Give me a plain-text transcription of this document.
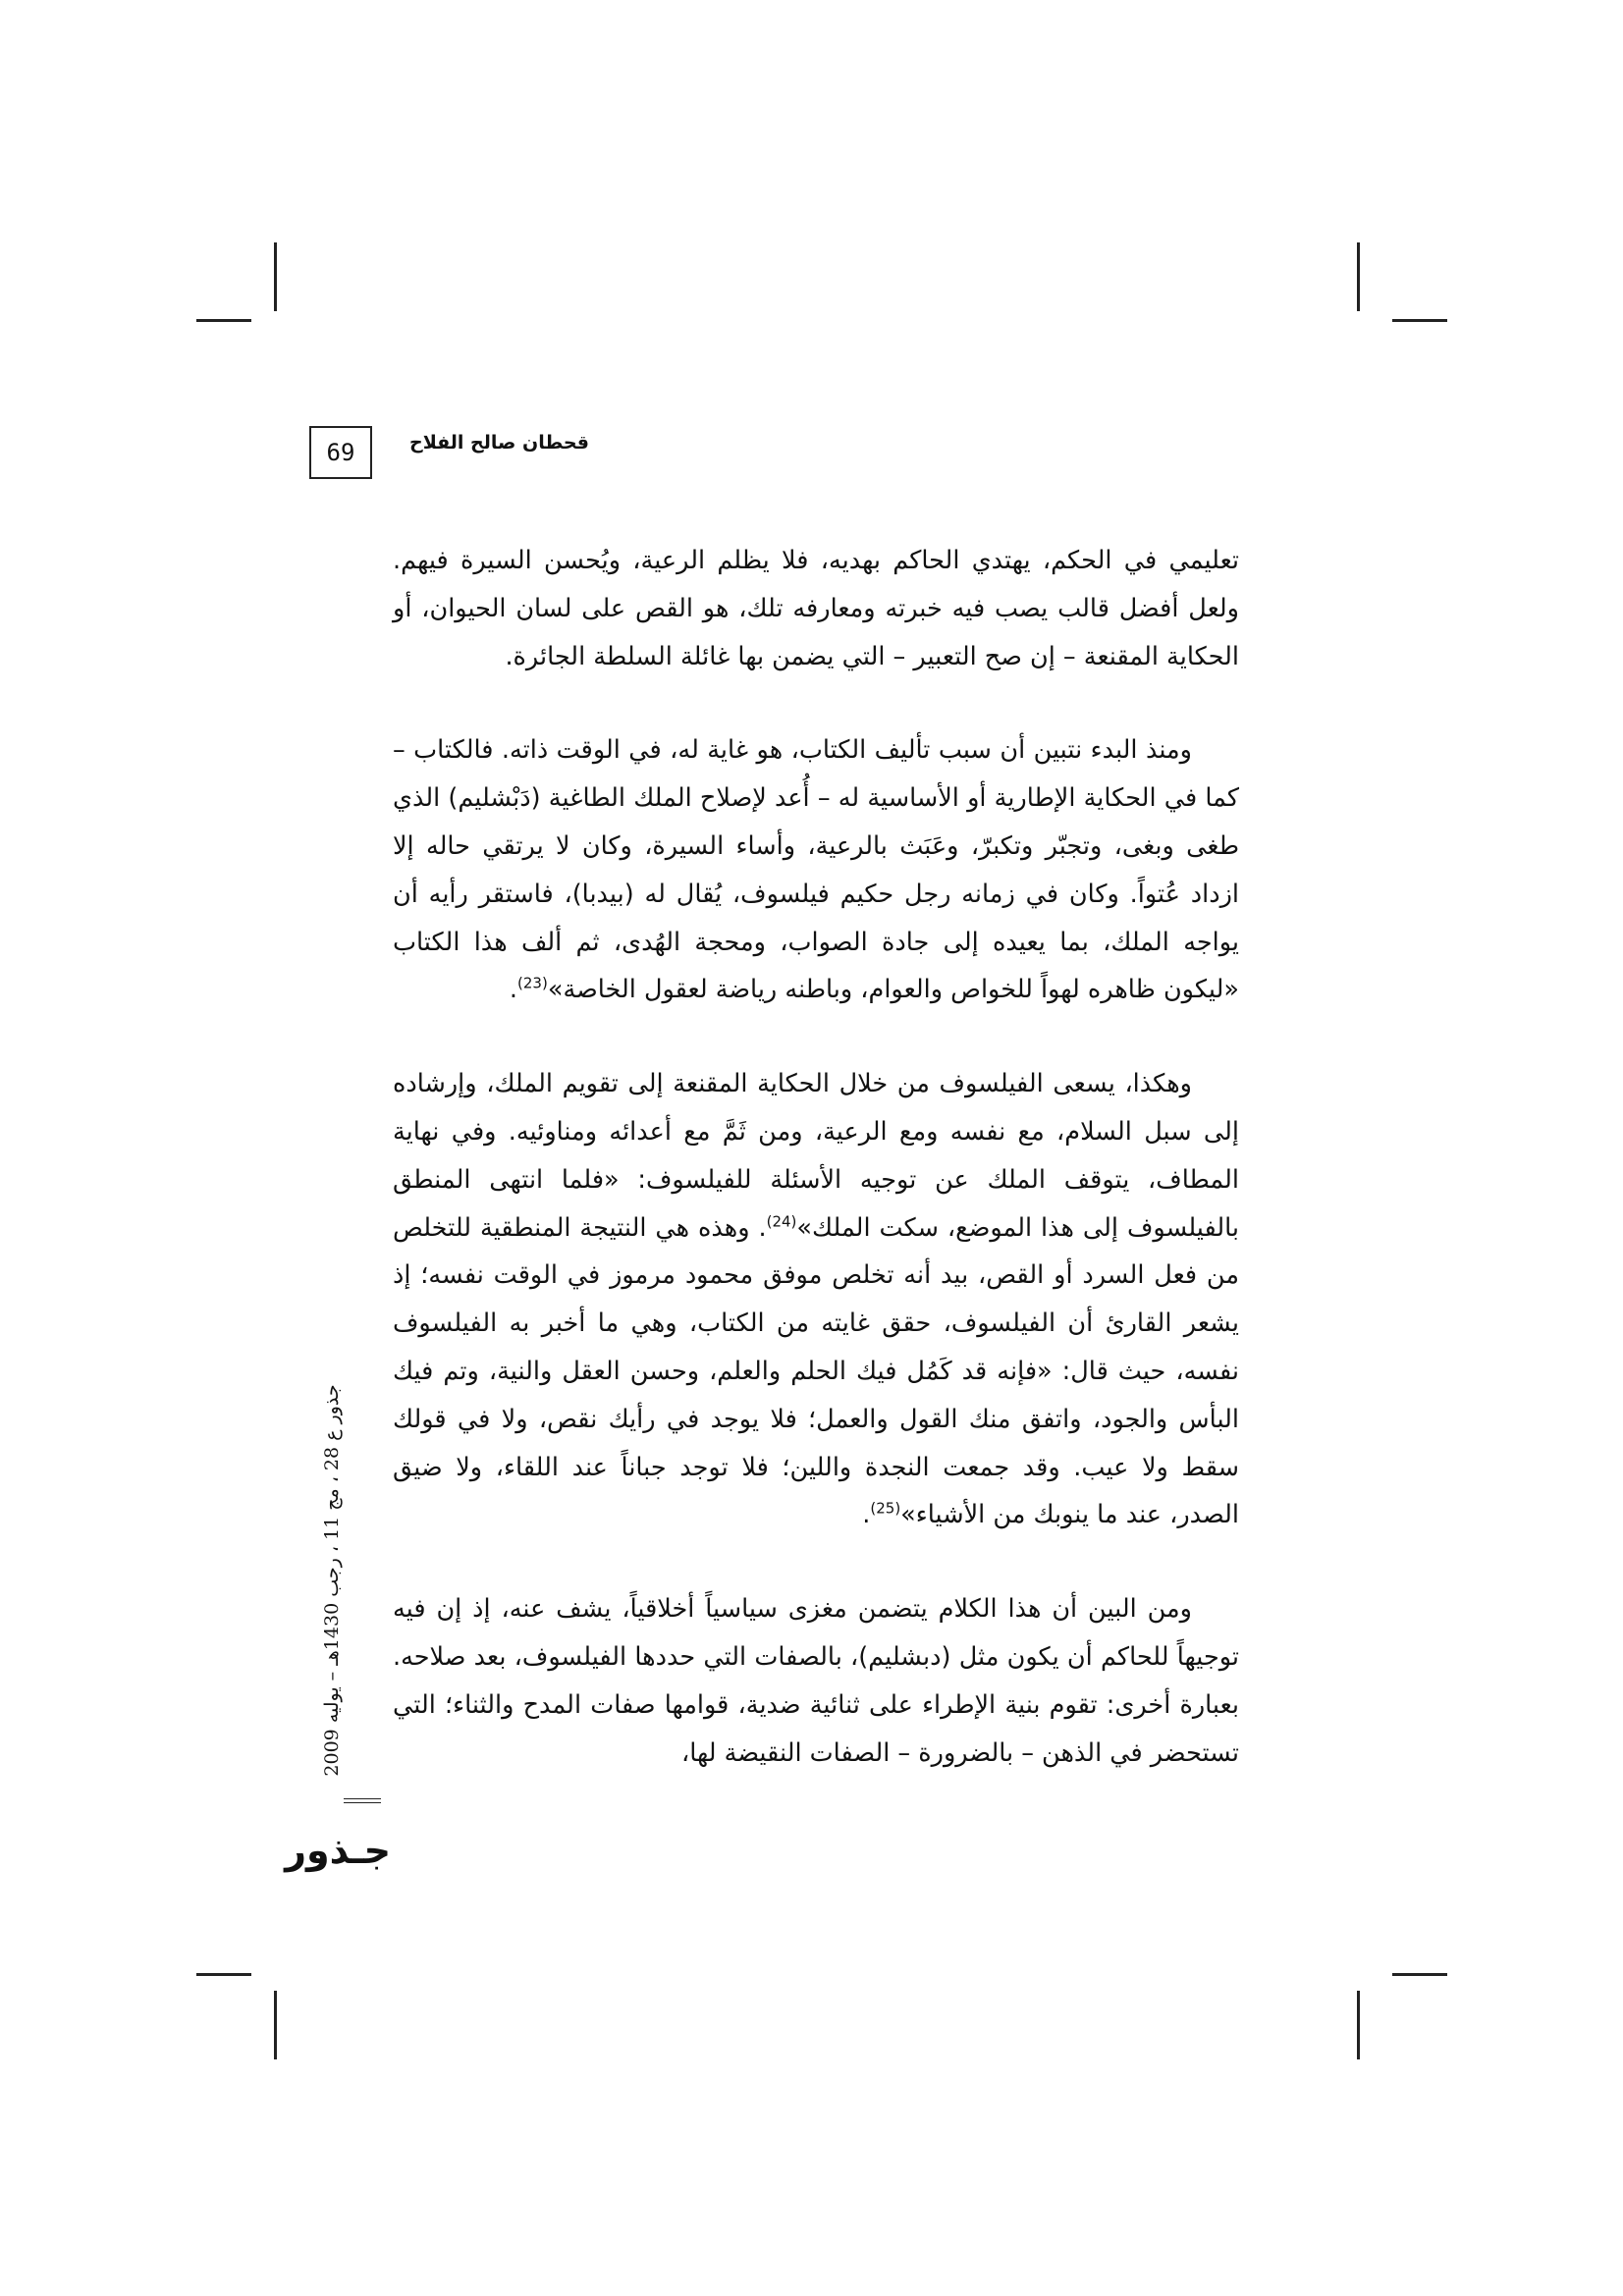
69	قحطان صالح الفلاح

تعليمي في الحكم، يهتدي الحاكم بهديه، فلا يظلم الرعية، ويُحسن السيرة فيهم. ولعل أفضل قالب يصب فيه خبرته ومعارفه تلك، هو القص على لسان الحيوان، أو الحكاية المقنعة – إن صح التعبير – التي يضمن بها غائلة السلطة الجائرة.

ومنذ البدء نتبين أن سبب تأليف الكتاب، هو غاية له، في الوقت ذاته. فالكتاب – كما في الحكاية الإطارية أو الأساسية له – أُعد لإصلاح الملك الطاغية (دَبْشليم) الذي طغى وبغى، وتجبّر وتكبرّ، وعَبَث بالرعية، وأساء السيرة، وكان لا يرتقي حاله إلا ازداد عُتواً. وكان في زمانه رجل حكيم فيلسوف، يُقال له (بيدبا)، فاستقر رأيه أن يواجه الملك، بما يعيده إلى جادة الصواب، ومحجة الهُدى، ثم ألف هذا الكتاب «ليكون ظاهره لهواً للخواص والعوام، وباطنه رياضة لعقول الخاصة»$^{(23)}$.

وهكذا، يسعى الفيلسوف من خلال الحكاية المقنعة إلى تقويم الملك، وإرشاده إلى سبل السلام، مع نفسه ومع الرعية، ومن ثَمَّ مع أعدائه ومناوئيه. وفي نهاية المطاف، يتوقف الملك عن توجيه الأسئلة للفيلسوف: «فلما انتهى المنطق بالفيلسوف إلى هذا الموضع، سكت الملك»$^{(24)}$. وهذه هي النتيجة المنطقية للتخلص من فعل السرد أو القص، بيد أنه تخلص موفق محمود مرموز في الوقت نفسه؛ إذ يشعر القارئ أن الفيلسوف، حقق غايته من الكتاب، وهي ما أخبر به الفيلسوف نفسه، حيث قال: «فإنه قد كَمُل فيك الحلم والعلم، وحسن العقل والنية، وتم فيك البأس والجود، واتفق منك القول والعمل؛ فلا يوجد في رأيك نقص، ولا في قولك سقط ولا عيب. وقد جمعت النجدة واللين؛ فلا توجد جباناً عند اللقاء، ولا ضيق الصدر، عند ما ينوبك من الأشياء»$^{(25)}$.

ومن البين أن هذا الكلام يتضمن مغزى سياسياً أخلاقياً، يشف عنه، إذ إن فيه توجيهاً للحاكم أن يكون مثل (دبشليم)، بالصفات التي حددها الفيلسوف، بعد صلاحه. بعبارة أخرى: تقوم بنية الإطراء على ثنائية ضدية، قوامها صفات المدح والثناء؛ التي تستحضر في الذهن – بالضرورة – الصفات النقيضة لها،

جذور ع 28 ، مج 11 ، رجب 1430هـ – يوليه 2009
جـذور
